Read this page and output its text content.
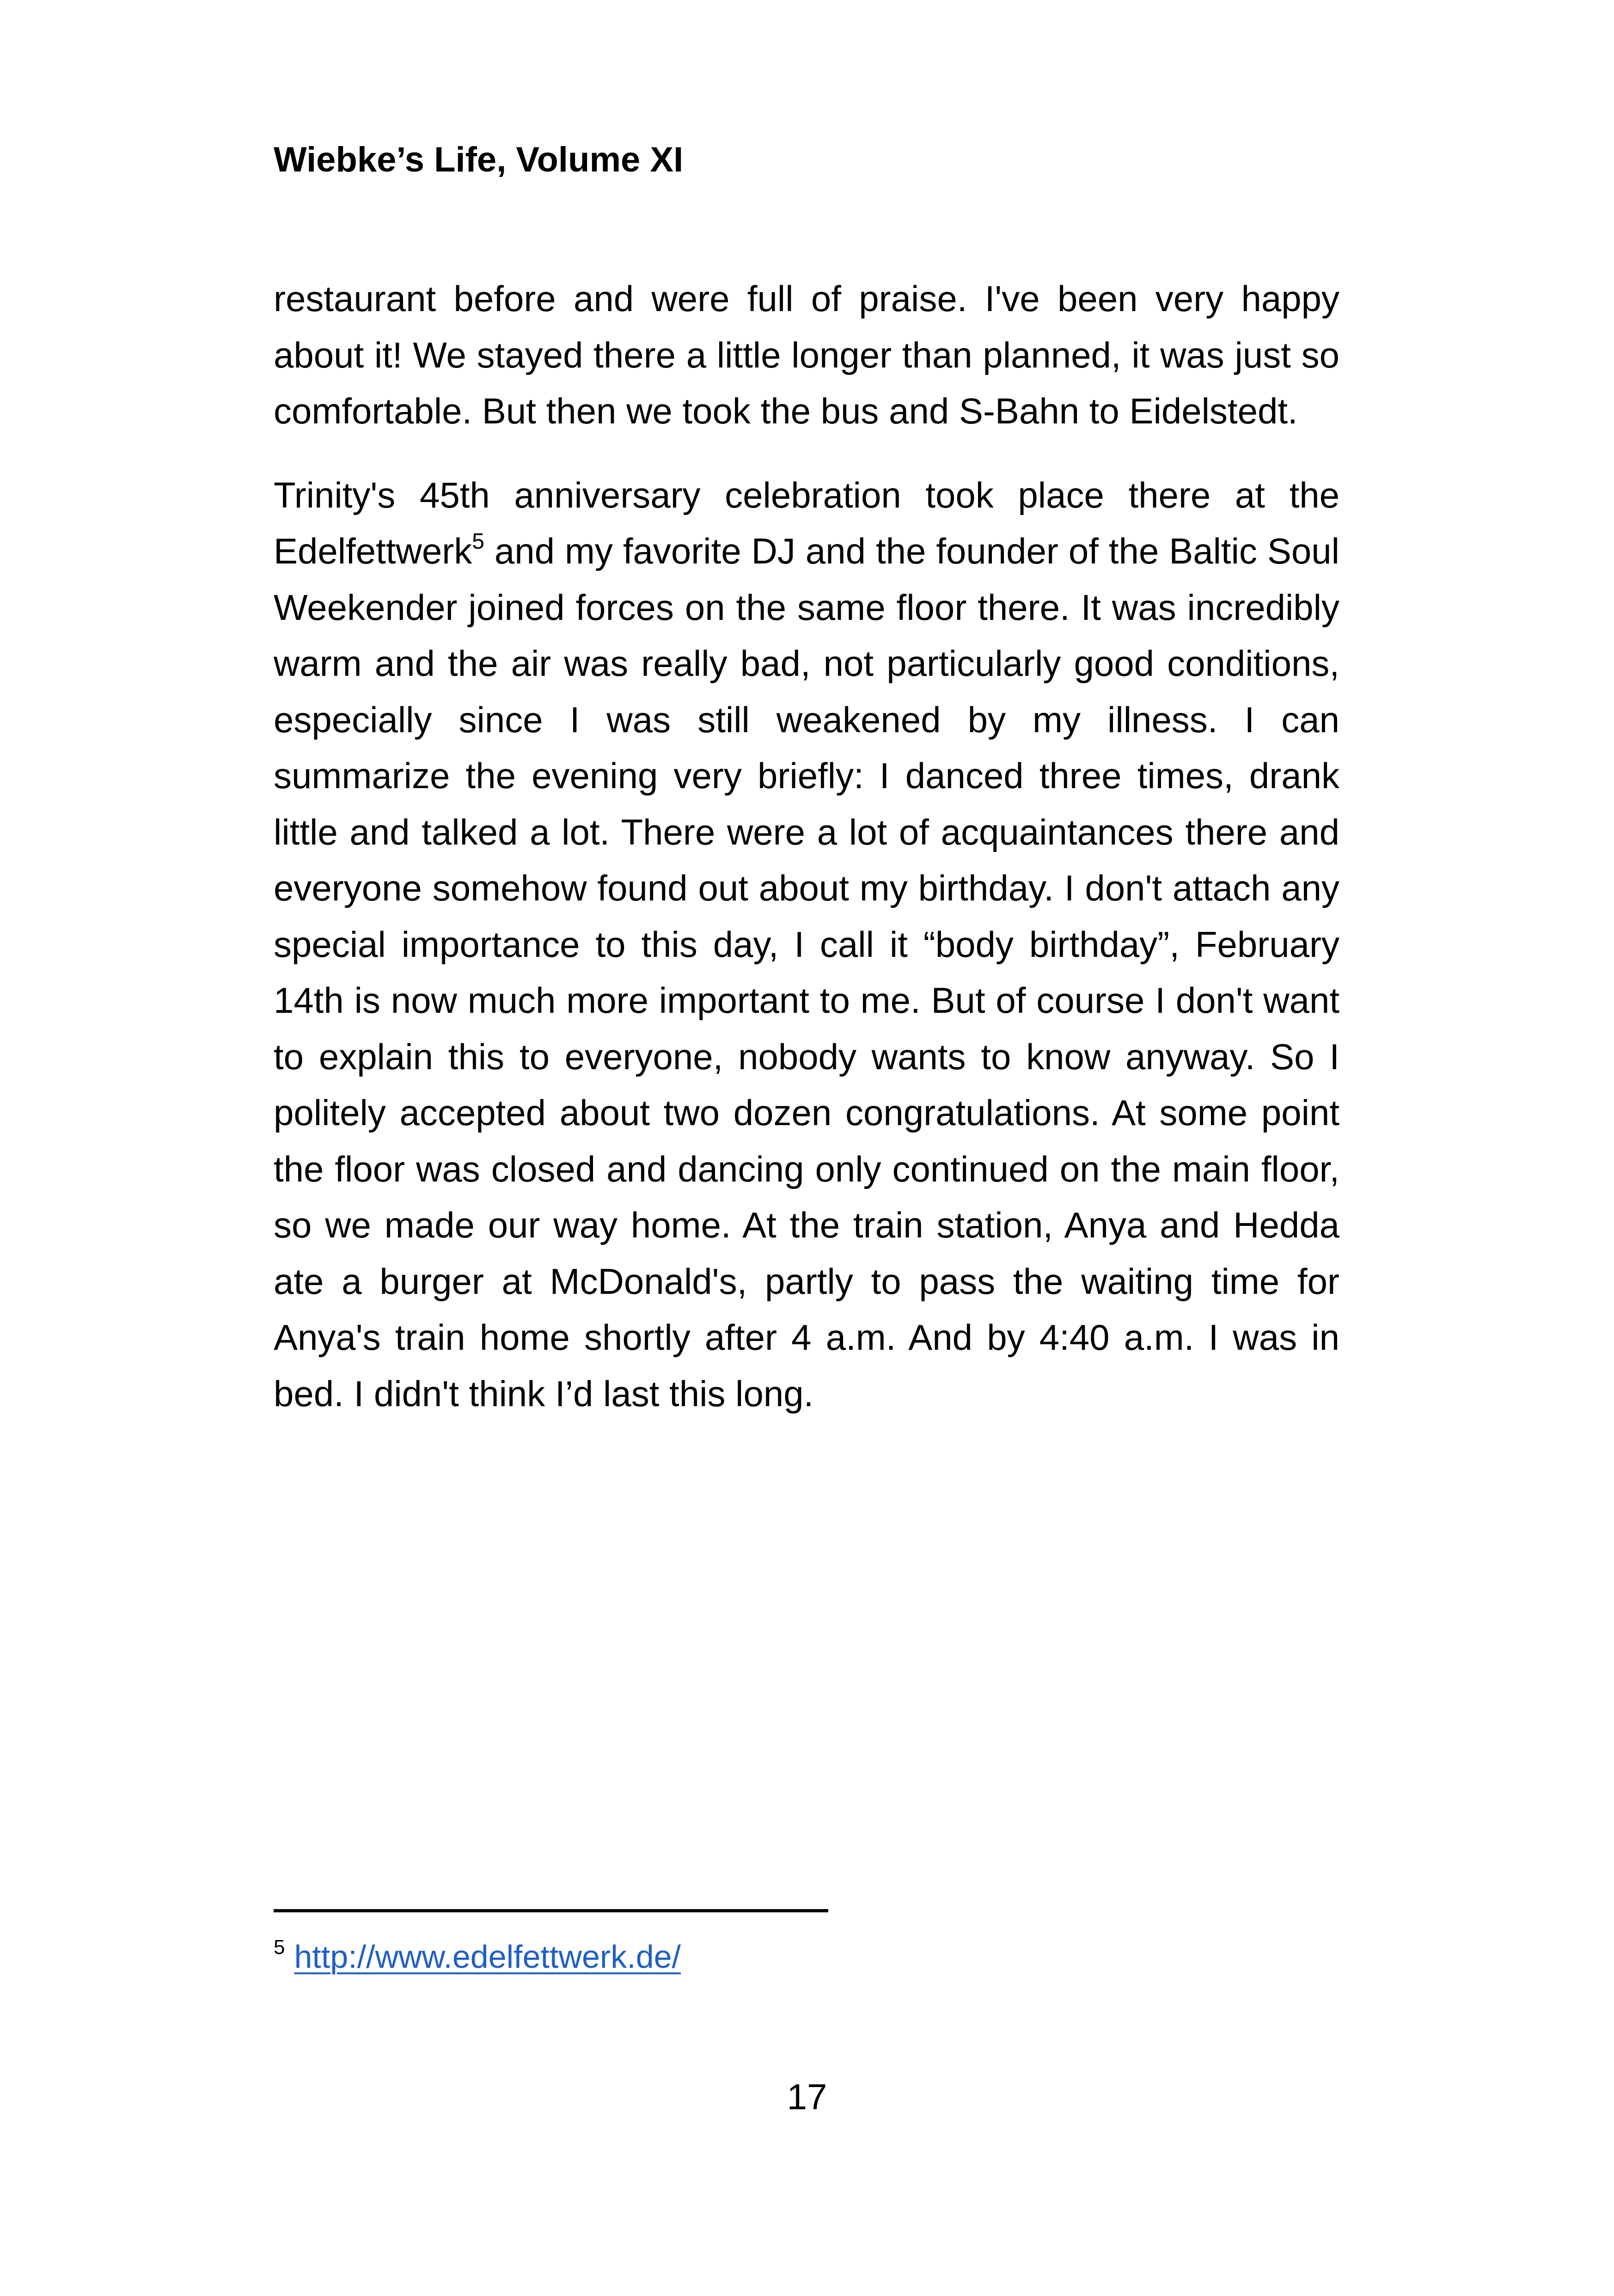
Wiebke’s Life, Volume XI

restaurant before and were full of praise. I've been very happy about it! We stayed there a little longer than planned, it was just so comfortable. But then we took the bus and S-Bahn to Eidelstedt.

Trinity's 45th anniversary celebration took place there at the Edelfettwerk$^5$ and my favorite DJ and the founder of the Baltic Soul Weekender joined forces on the same floor there. It was incredibly warm and the air was really bad, not particularly good conditions, especially since I was still weakened by my illness. I can summarize the evening very briefly: I danced three times, drank little and talked a lot. There were a lot of acquaintances there and everyone somehow found out about my birthday. I don't attach any special importance to this day, I call it “body birthday”, February 14th is now much more important to me. But of course I don't want to explain this to everyone, nobody wants to know anyway. So I politely accepted about two dozen congratulations. At some point the floor was closed and dancing only continued on the main floor, so we made our way home. At the train station, Anya and Hedda ate a burger at McDonald's, partly to pass the waiting time for Anya's train home shortly after 4 a.m. And by 4:40 a.m. I was in bed. I didn't think I’d last this long.

$^5$ http://www.edelfettwerk.de/
17
